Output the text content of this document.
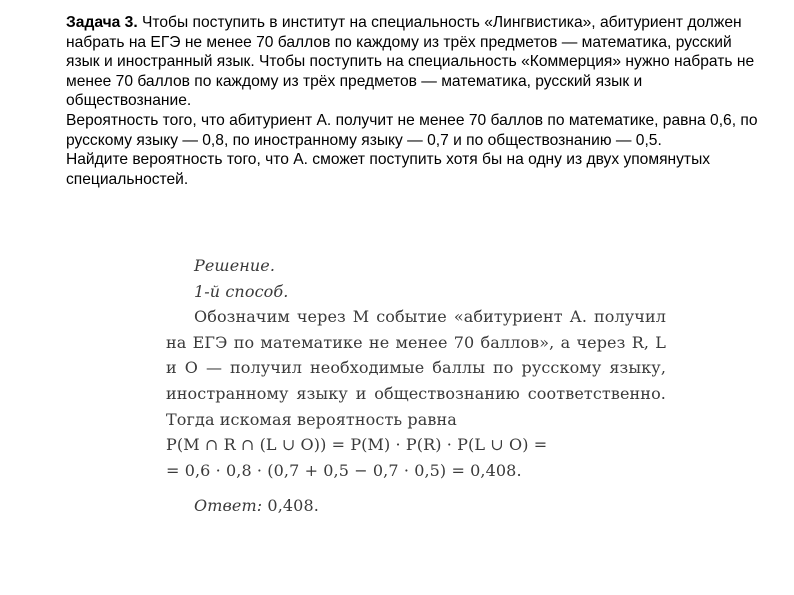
Задача 3. Чтобы поступить в институт на специальность «Лингвистика», абитуриент должен набрать на ЕГЭ не менее 70 баллов по каждому из трёх предметов — математика, русский язык и иностранный язык. Чтобы поступить на специальность «Коммерция» нужно набрать не менее 70 баллов по каждому из трёх предметов — математика, русский язык и обществознание.

Вероятность того, что абитуриент А. получит не менее 70 баллов по математике, равна 0,6, по русскому языку — 0,8, по иностранному языку — 0,7 и по обществознанию — 0,5.

Найдите вероятность того, что А. сможет поступить хотя бы на одну из двух упомянутых специальностей.

Решение.
1-й способ.

Обозначим через M событие «абитуриент А. получил на ЕГЭ по математике не менее 70 баллов», а через R, L и O — получил необходимые баллы по русскому языку, иностранному языку и обществознанию соответственно. Тогда искомая вероятность равна

P(M ∩ R ∩ (L ∪ O)) = P(M) · P(R) · P(L ∪ O) =

= 0,6 · 0,8 · (0,7 + 0,5 − 0,7 · 0,5) = 0,408.

Ответ: 0,408.
